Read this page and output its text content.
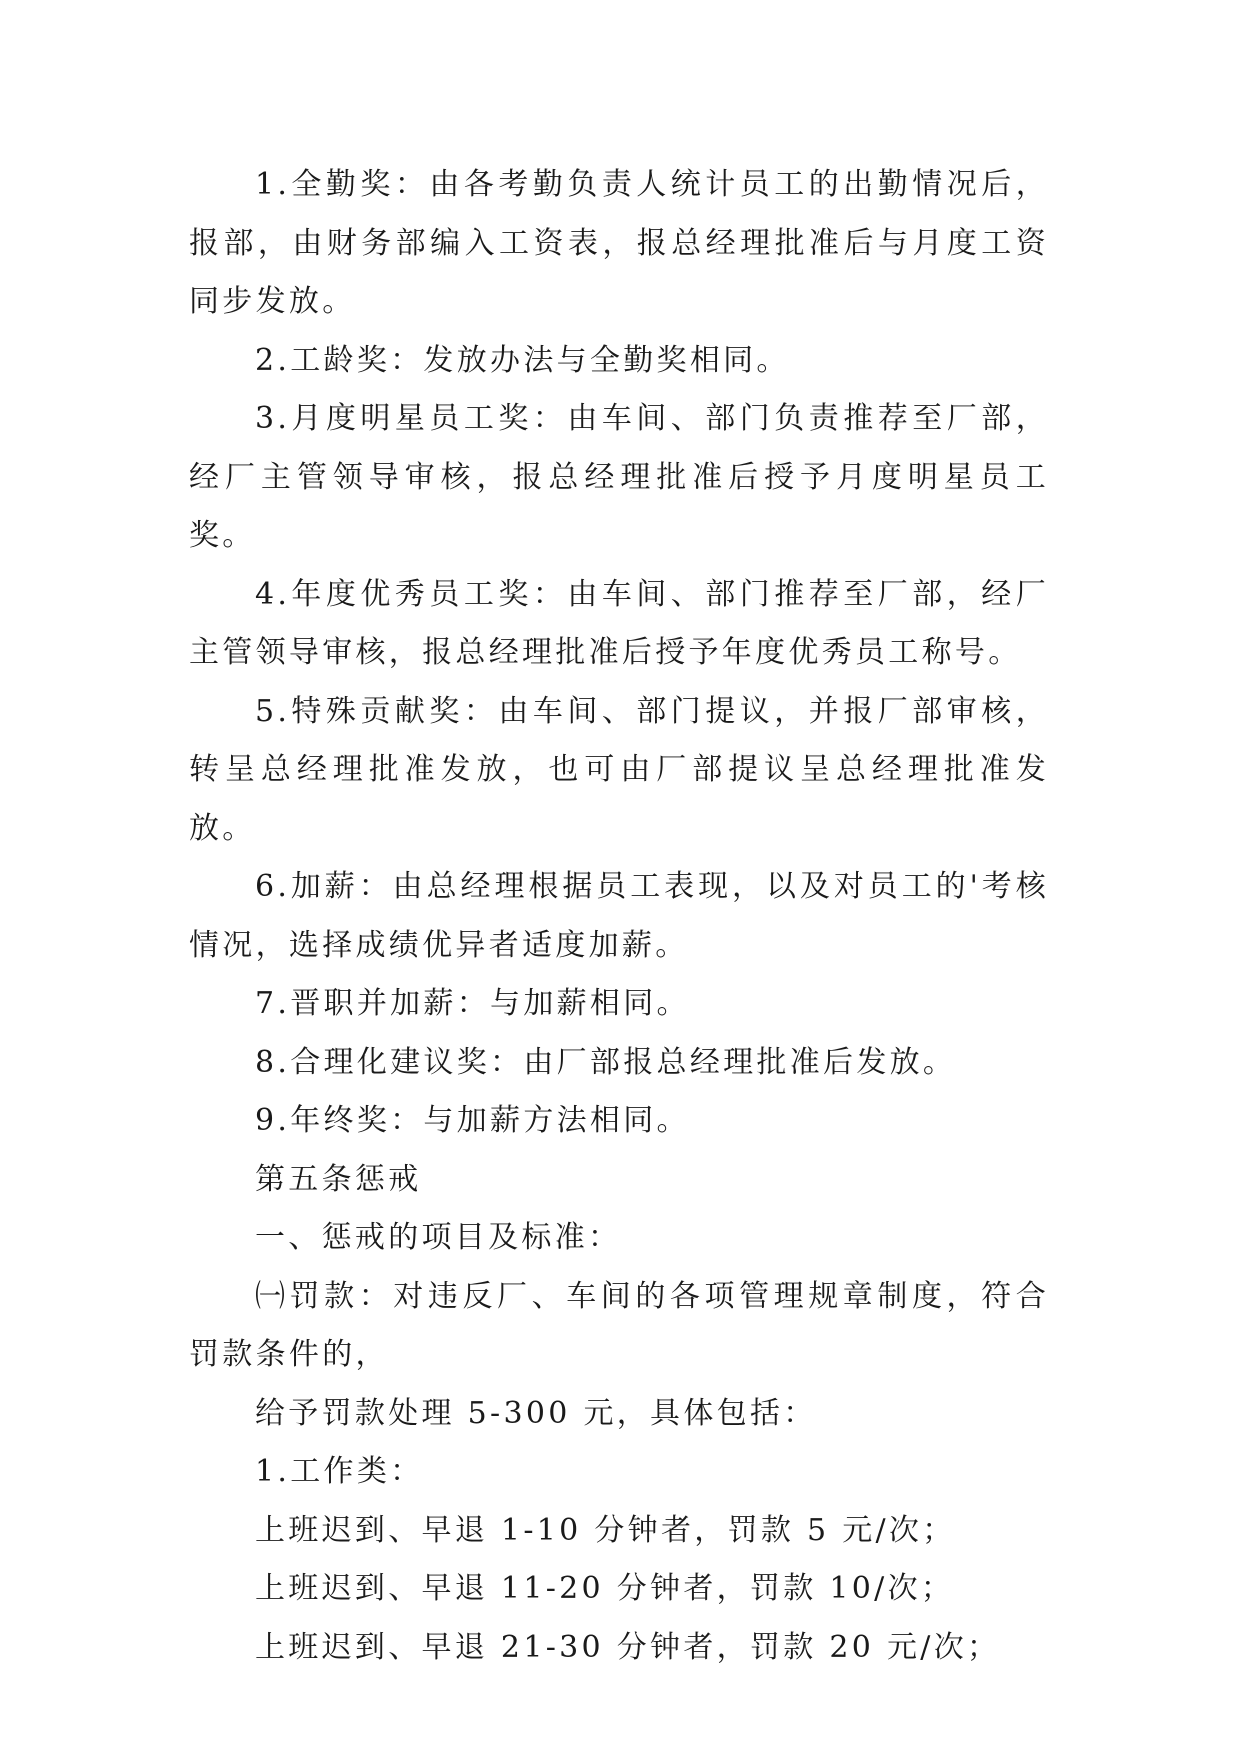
1.全勤奖：由各考勤负责人统计员工的出勤情况后，报部，由财务部编入工资表，报总经理批准后与月度工资同步发放。

2.工龄奖：发放办法与全勤奖相同。

3.月度明星员工奖：由车间、部门负责推荐至厂部，经厂主管领导审核，报总经理批准后授予月度明星员工奖。

4.年度优秀员工奖：由车间、部门推荐至厂部，经厂主管领导审核，报总经理批准后授予年度优秀员工称号。

5.特殊贡献奖：由车间、部门提议，并报厂部审核，转呈总经理批准发放，也可由厂部提议呈总经理批准发放。

6.加薪：由总经理根据员工表现，以及对员工的'考核情况，选择成绩优异者适度加薪。

7.晋职并加薪：与加薪相同。

8.合理化建议奖：由厂部报总经理批准后发放。

9.年终奖：与加薪方法相同。

第五条惩戒

一、惩戒的项目及标准：

㈠罚款：对违反厂、车间的各项管理规章制度，符合罚款条件的，

给予罚款处理 5-300 元，具体包括：

1.工作类：

上班迟到、早退 1-10 分钟者，罚款 5 元/次；

上班迟到、早退 11-20 分钟者，罚款 10/次；

上班迟到、早退 21-30 分钟者，罚款 20 元/次；
